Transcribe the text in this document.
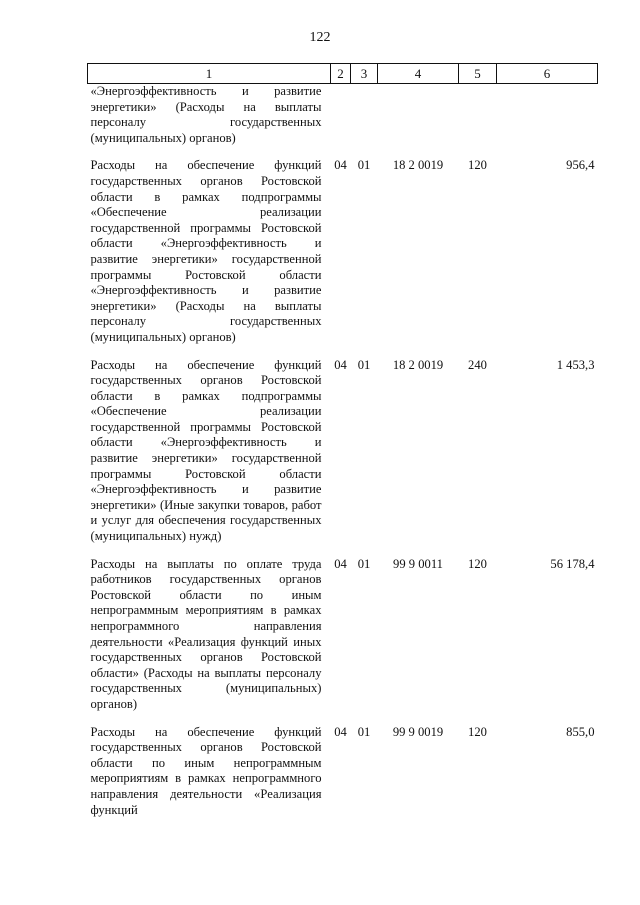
122
1	2	3	4	5	6
«Энергоэффективность и развитие энергетики» (Расходы на выплаты персоналу государственных (муниципальных) органов)					
Расходы на обеспечение функций государственных органов Ростовской области в рамках подпрограммы «Обеспечение реализации государственной программы Ростовской области «Энергоэффективность и развитие энергетики» государственной программы Ростовской области «Энергоэффективность и развитие энергетики» (Расходы на выплаты персоналу государственных (муниципальных) органов)	04	01	18 2 0019	120	956,4
Расходы на обеспечение функций государственных органов Ростовской области в рамках подпрограммы «Обеспечение реализации государственной программы Ростовской области «Энергоэффективность и развитие энергетики» государственной программы Ростовской области «Энергоэффективность и развитие энергетики» (Иные закупки товаров, работ и услуг для обеспечения государственных (муниципальных) нужд)	04	01	18 2 0019	240	1 453,3
Расходы на выплаты по оплате труда работников государственных органов Ростовской области по иным непрограммным мероприятиям в рамках непрограммного направления деятельности «Реализация функций иных государственных органов Ростовской области» (Расходы на выплаты персоналу государственных (муниципальных) органов)	04	01	99 9 0011	120	56 178,4
Расходы на обеспечение функций государственных органов Ростовской области по иным непрограммным мероприятиям в рамках непрограммного направления деятельности «Реализация функций	04	01	99 9 0019	120	855,0
